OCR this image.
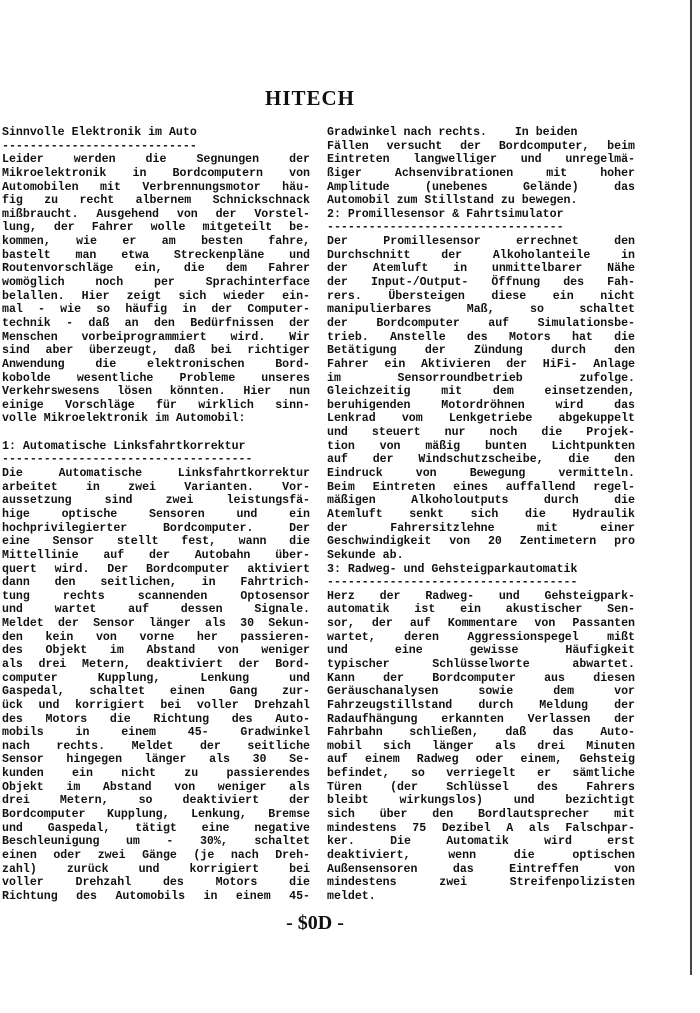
HITECH
Sinnvolle Elektronik im Auto
----------------------------
Leider werden die Segnungen der
Mikroelektronik in Bordcomputern von
Automobilen mit Verbrennungsmotor häu-
fig zu recht albernem Schnickschnack
mißbraucht. Ausgehend von der Vorstel-
lung, der Fahrer wolle mitgeteilt be-
kommen, wie er am besten fahre,
bastelt man etwa Streckenpläne und
Routenvorschläge ein, die dem Fahrer
womöglich noch per Sprachinterface
belallen. Hier zeigt sich wieder ein-
mal - wie so häufig in der Computer-
technik - daß an den Bedürfnissen der
Menschen vorbeiprogrammiert wird. Wir
sind aber überzeugt, daß bei richtiger
Anwendung die elektronischen Bord-
kobolde wesentliche Probleme unseres
Verkehrswesens lösen könnten. Hier nun
einige Vorschläge für wirklich sinn-
volle Mikroelektronik im Automobil:
1: Automatische Linksfahrtkorrektur
------------------------------------
Die Automatische Linksfahrtkorrektur
arbeitet in zwei Varianten. Vor-
aussetzung sind zwei leistungsfä-
hige optische Sensoren und ein
hochprivilegierter Bordcomputer. Der
eine Sensor stellt fest, wann die
Mittellinie auf der Autobahn über-
quert wird. Der Bordcomputer aktiviert
dann den seitlichen, in Fahrtrich-
tung rechts scannenden Optosensor
und wartet auf dessen Signale.
Meldet der Sensor länger als 30 Sekun-
den kein von vorne her passieren-
des Objekt im Abstand von weniger
als drei Metern, deaktiviert der Bord-
computer Kupplung, Lenkung und
Gaspedal, schaltet einen Gang zur-
ück und korrigiert bei voller Drehzahl
des Motors die Richtung des Auto-
mobils in einem 45- Gradwinkel
nach rechts. Meldet der seitliche
Sensor hingegen länger als 30 Se-
kunden ein nicht zu passierendes
Objekt im Abstand von weniger als
drei Metern, so deaktiviert der
Bordcomputer Kupplung, Lenkung, Bremse
und Gaspedal, tätigt eine negative
Beschleunigung um - 30%, schaltet
einen oder zwei Gänge (je nach Dreh-
zahl) zurück und korrigiert bei
voller Drehzahl des Motors die
Richtung des Automobils in einem 45-
Gradwinkel nach rechts.    In beiden
Fällen versucht der Bordcomputer, beim
Eintreten langwelliger und unregelmä-
ßiger Achsenvibrationen mit hoher
Amplitude (unebenes Gelände) das
Automobil zum Stillstand zu bewegen.
2: Promillesensor & Fahrtsimulator
----------------------------------
Der Promillesensor errechnet den
Durchschnitt der Alkoholanteile in
der Atemluft in unmittelbarer Nähe
der Input-/Output- Öffnung des Fah-
rers. Übersteigen diese ein nicht
manipulierbares Maß, so schaltet
der Bordcomputer auf Simulationsbe-
trieb. Anstelle des Motors hat die
Betätigung der Zündung durch den
Fahrer ein Aktivieren der HiFi- Anlage
im Sensorroundbetrieb zufolge.
Gleichzeitig mit dem einsetzenden,
beruhigenden Motordröhnen wird das
Lenkrad vom Lenkgetriebe abgekuppelt
und steuert nur noch die Projek-
tion von mäßig bunten Lichtpunkten
auf der Windschutzscheibe, die den
Eindruck von Bewegung vermitteln.
Beim Eintreten eines auffallend regel-
mäßigen Alkoholoutputs durch die
Atemluft senkt sich die Hydraulik
der Fahrersitzlehne mit einer
Geschwindigkeit von 20 Zentimetern pro
Sekunde ab.
3: Radweg- und Gehsteigparkautomatik
------------------------------------
Herz der Radweg- und Gehsteigpark-
automatik ist ein akustischer Sen-
sor, der auf Kommentare von Passanten
wartet, deren Aggressionspegel mißt
und eine gewisse Häufigkeit
typischer Schlüsselworte abwartet.
Kann der Bordcomputer aus diesen
Geräuschanalysen sowie dem vor
Fahrzeugstillstand durch Meldung der
Radaufhängung erkannten Verlassen der
Fahrbahn schließen, daß das Auto-
mobil sich länger als drei Minuten
auf einem Radweg oder einem, Gehsteig
befindet, so verriegelt er sämtliche
Türen (der Schlüssel des Fahrers
bleibt wirkungslos) und bezichtigt
sich über den Bordlautsprecher mit
mindestens 75 Dezibel A als Falschpar-
ker. Die Automatik wird erst
deaktiviert, wenn die optischen
Außensensoren das Eintreffen von
mindestens zwei Streifenpolizisten
meldet.
- $0D -
